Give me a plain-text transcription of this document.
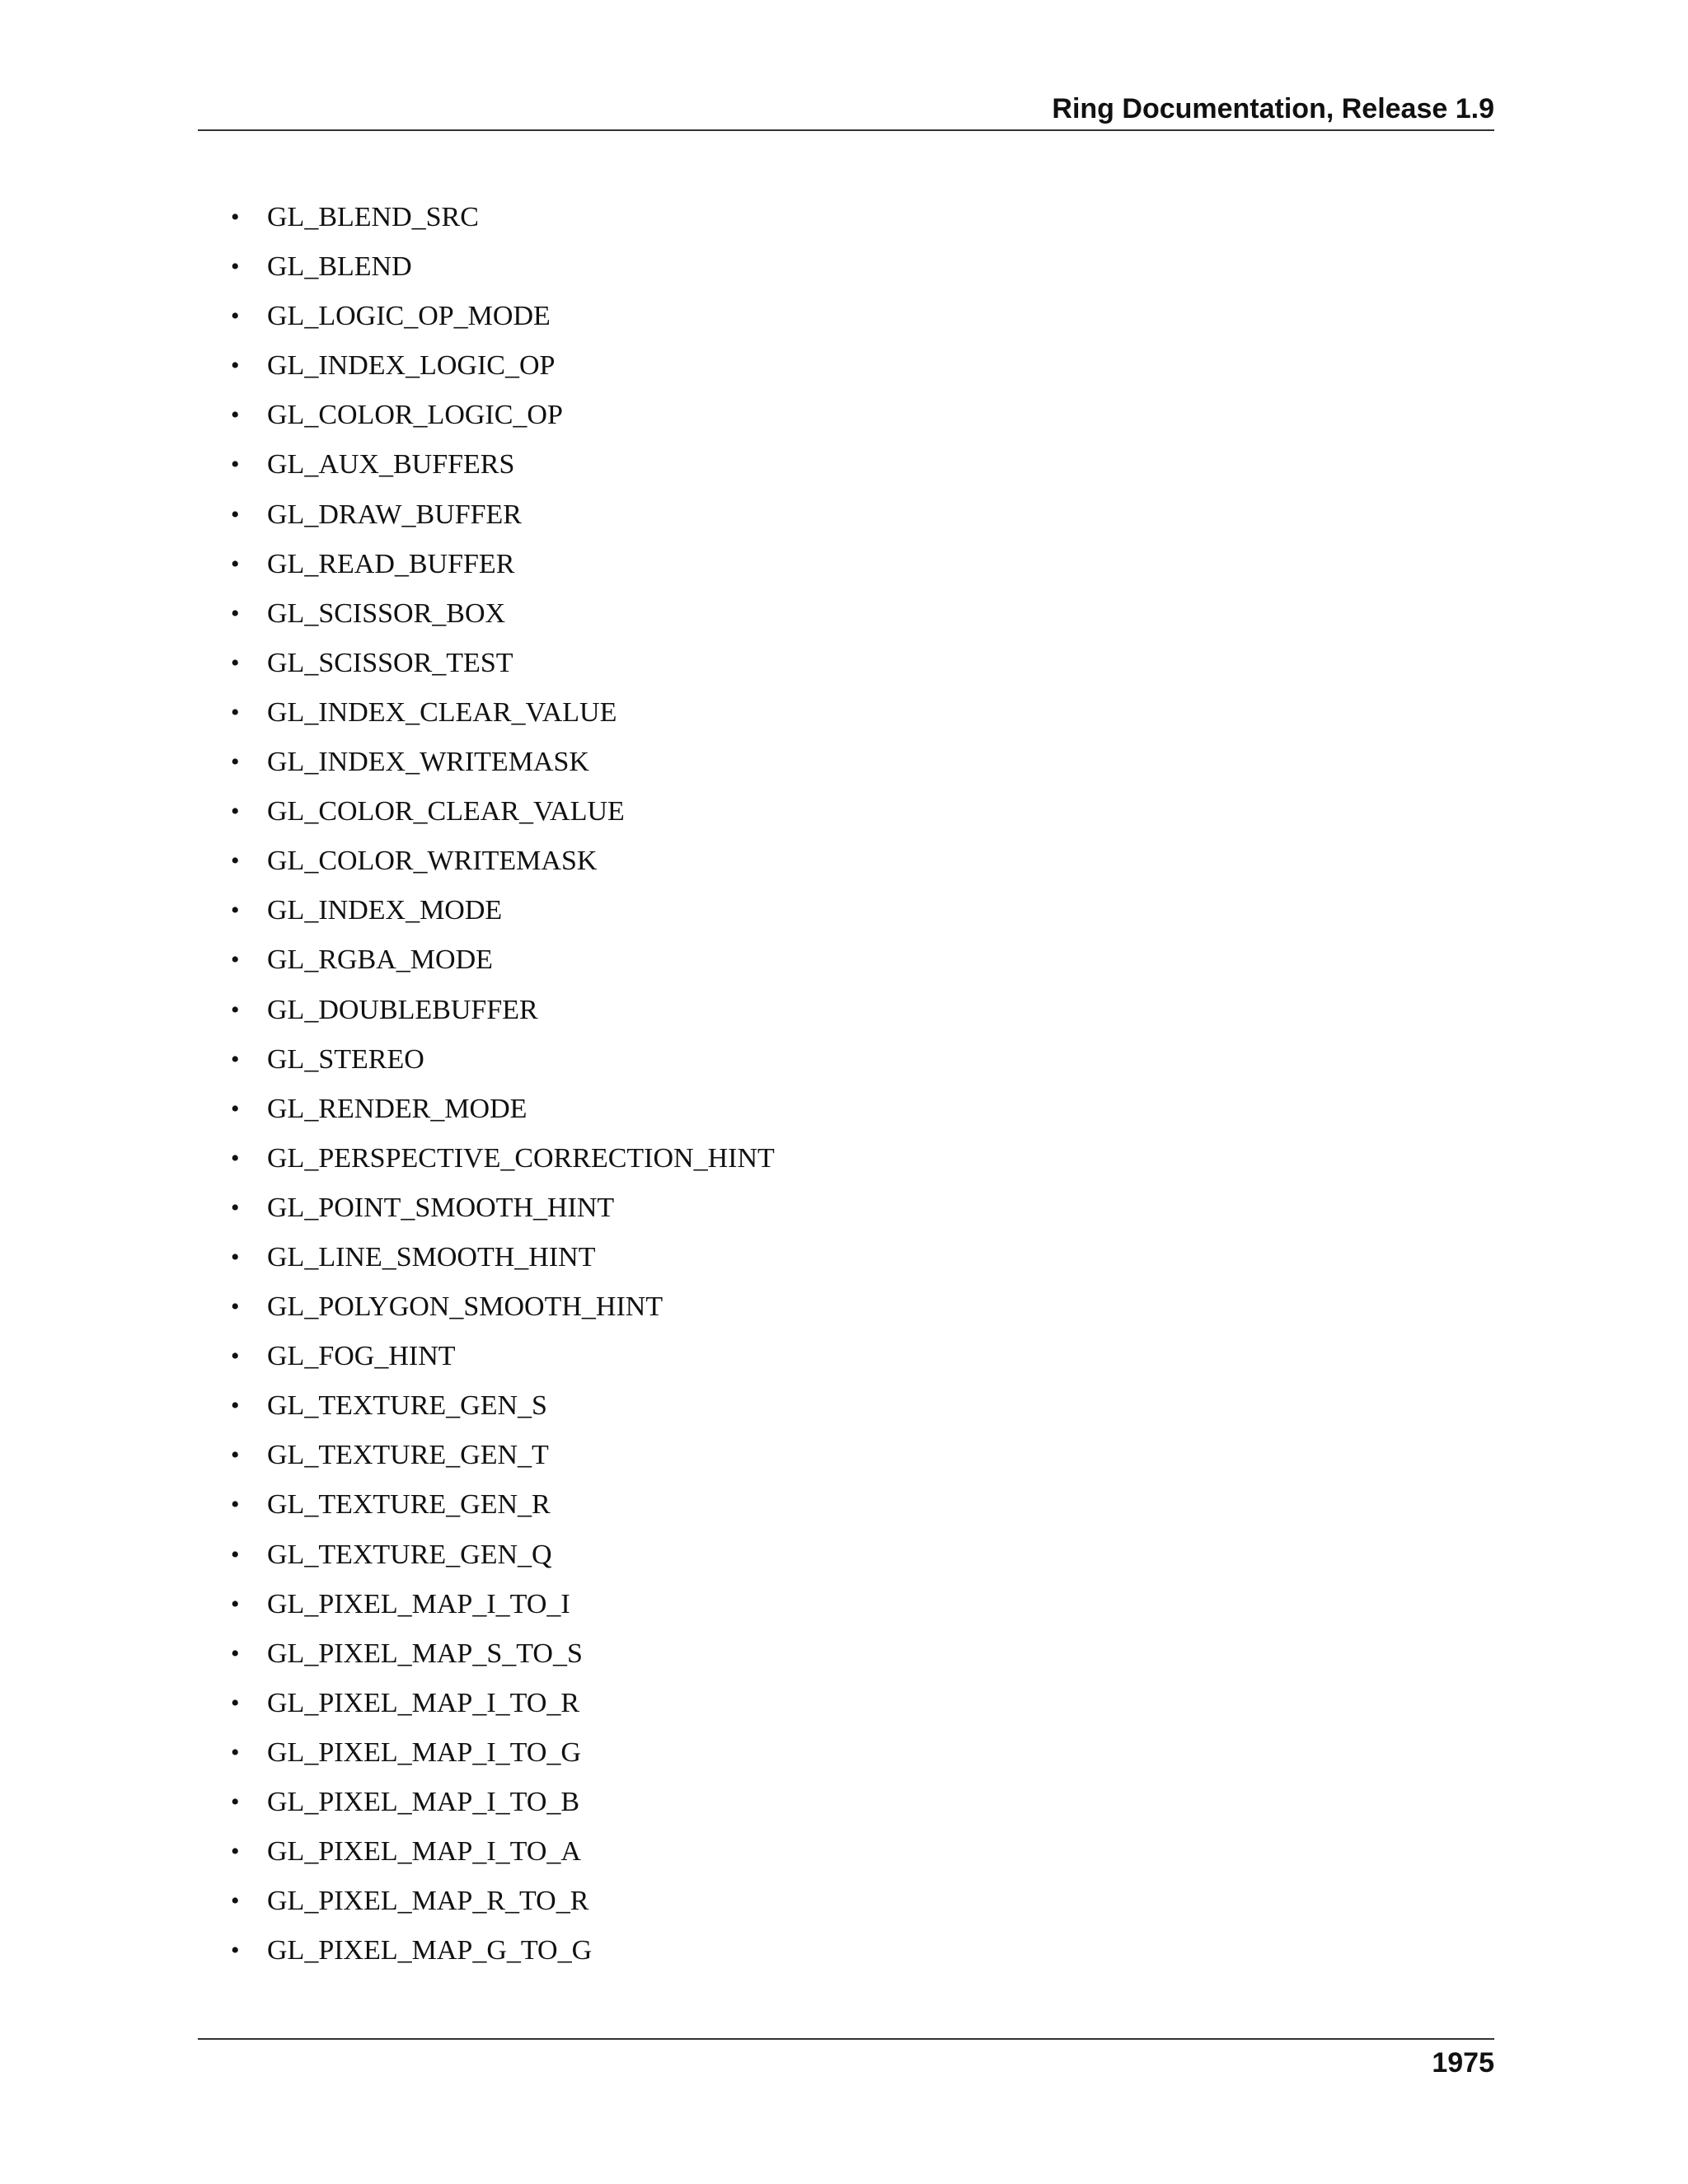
Ring Documentation, Release 1.9
• GL_BLEND_SRC
• GL_BLEND
• GL_LOGIC_OP_MODE
• GL_INDEX_LOGIC_OP
• GL_COLOR_LOGIC_OP
• GL_AUX_BUFFERS
• GL_DRAW_BUFFER
• GL_READ_BUFFER
• GL_SCISSOR_BOX
• GL_SCISSOR_TEST
• GL_INDEX_CLEAR_VALUE
• GL_INDEX_WRITEMASK
• GL_COLOR_CLEAR_VALUE
• GL_COLOR_WRITEMASK
• GL_INDEX_MODE
• GL_RGBA_MODE
• GL_DOUBLEBUFFER
• GL_STEREO
• GL_RENDER_MODE
• GL_PERSPECTIVE_CORRECTION_HINT
• GL_POINT_SMOOTH_HINT
• GL_LINE_SMOOTH_HINT
• GL_POLYGON_SMOOTH_HINT
• GL_FOG_HINT
• GL_TEXTURE_GEN_S
• GL_TEXTURE_GEN_T
• GL_TEXTURE_GEN_R
• GL_TEXTURE_GEN_Q
• GL_PIXEL_MAP_I_TO_I
• GL_PIXEL_MAP_S_TO_S
• GL_PIXEL_MAP_I_TO_R
• GL_PIXEL_MAP_I_TO_G
• GL_PIXEL_MAP_I_TO_B
• GL_PIXEL_MAP_I_TO_A
• GL_PIXEL_MAP_R_TO_R
• GL_PIXEL_MAP_G_TO_G
1975
